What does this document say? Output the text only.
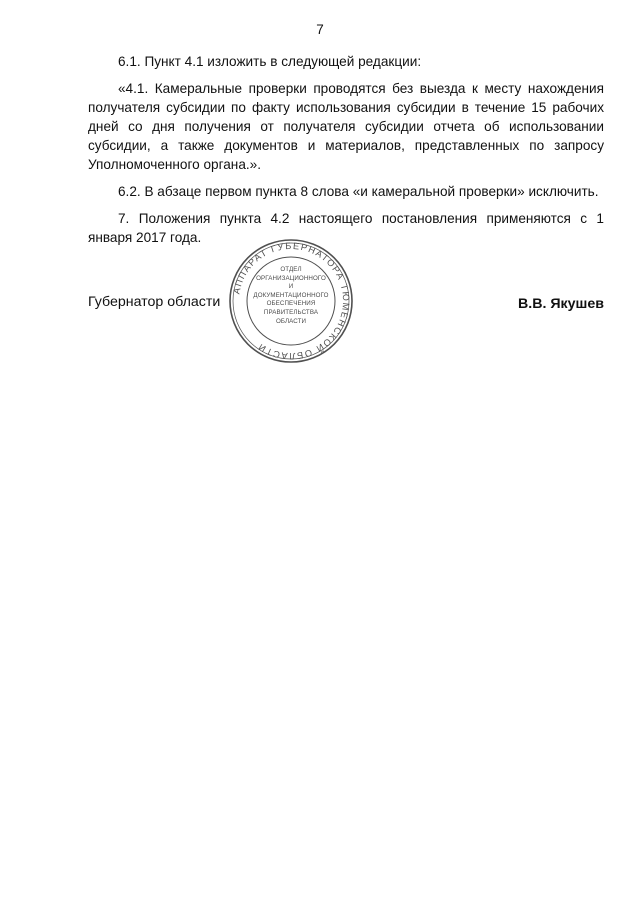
7

6.1. Пункт 4.1 изложить в следующей редакции:

«4.1. Камеральные проверки проводятся без выезда к месту нахождения получателя субсидии по факту использования субсидии в течение 15 рабочих дней со дня получения от получателя субсидии отчета об использовании субсидии, а также документов и материалов, представленных по запросу Уполномоченного органа.».

6.2. В абзаце первом пункта 8 слова «и камеральной проверки» исключить.

7. Положения пункта 4.2 настоящего постановления применяются с 1 января 2017 года.

АППАРАТ ГУБЕРНАТОРА ТЮМЕНСКОЙ ОБЛАСТИ
ОТДЕЛ
ОРГАНИЗАЦИОННОГО
И
ДОКУМЕНТАЦИОННОГО
ОБЕСПЕЧЕНИЯ
ПРАВИТЕЛЬСТВА
ОБЛАСТИ
Губернатор области	В.В. Якушев
